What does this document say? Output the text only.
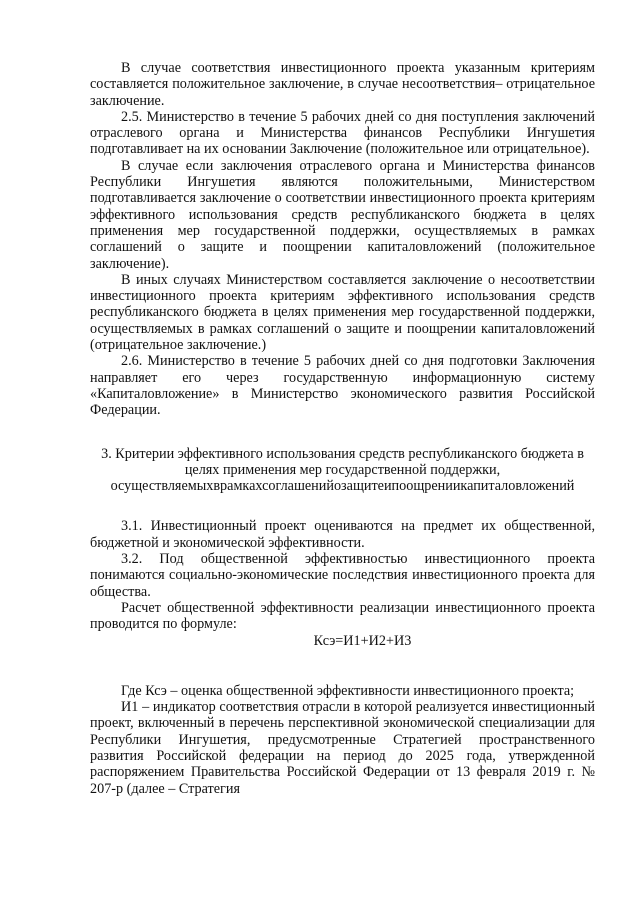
В случае соответствия инвестиционного проекта указанным критериям составляется положительное заключение, в случае несоответствия– отрицательное заключение.

2.5. Министерство в течение 5 рабочих дней со дня поступления заключений отраслевого органа и Министерства финансов Республики Ингушетия подготавливает на их основании Заключение (положительное или отрицательное).

В случае если заключения отраслевого органа и Министерства финансов Республики Ингушетия являются положительными, Министерством подготавливается заключение о соответствии инвестиционного проекта критериям эффективного использования средств республиканского бюджета в целях применения мер государственной поддержки, осуществляемых в рамках соглашений о защите и поощрении капиталовложений (положительное заключение).

В иных случаях Министерством составляется заключение о несоответствии инвестиционного проекта критериям эффективного использования средств республиканского бюджета в целях применения мер государственной поддержки, осуществляемых в рамках соглашений о защите и поощрении капиталовложений (отрицательное заключение.)

2.6. Министерство в течение 5 рабочих дней со дня подготовки Заключения направляет его через государственную информационную систему «Капиталовложение» в Министерство экономического развития Российской Федерации.

3. Критерии эффективного использования средств республиканского бюджета в целях применения мер государственной поддержки,
осуществляемыхврамкахсоглашенийозащитеипоощрениикапиталовложений

3.1. Инвестиционный проект оцениваются на предмет их общественной, бюджетной и экономической эффективности.

3.2. Под общественной эффективностью инвестиционного проекта понимаются социально-экономические последствия инвестиционного проекта для общества.

Расчет общественной эффективности реализации инвестиционного проекта проводится по формуле:

Ксэ=И1+И2+И3

Где Ксэ – оценка общественной эффективности инвестиционного проекта;

И1 – индикатор соответствия отрасли в которой реализуется инвестиционный проект, включенный в перечень перспективной экономической специализации для Республики Ингушетия, предусмотренные Стратегией пространственного развития Российской федерации на период до 2025 года, утвержденной распоряжением Правительства Российской Федерации от 13 февраля 2019 г. № 207-р (далее – Стратегия
